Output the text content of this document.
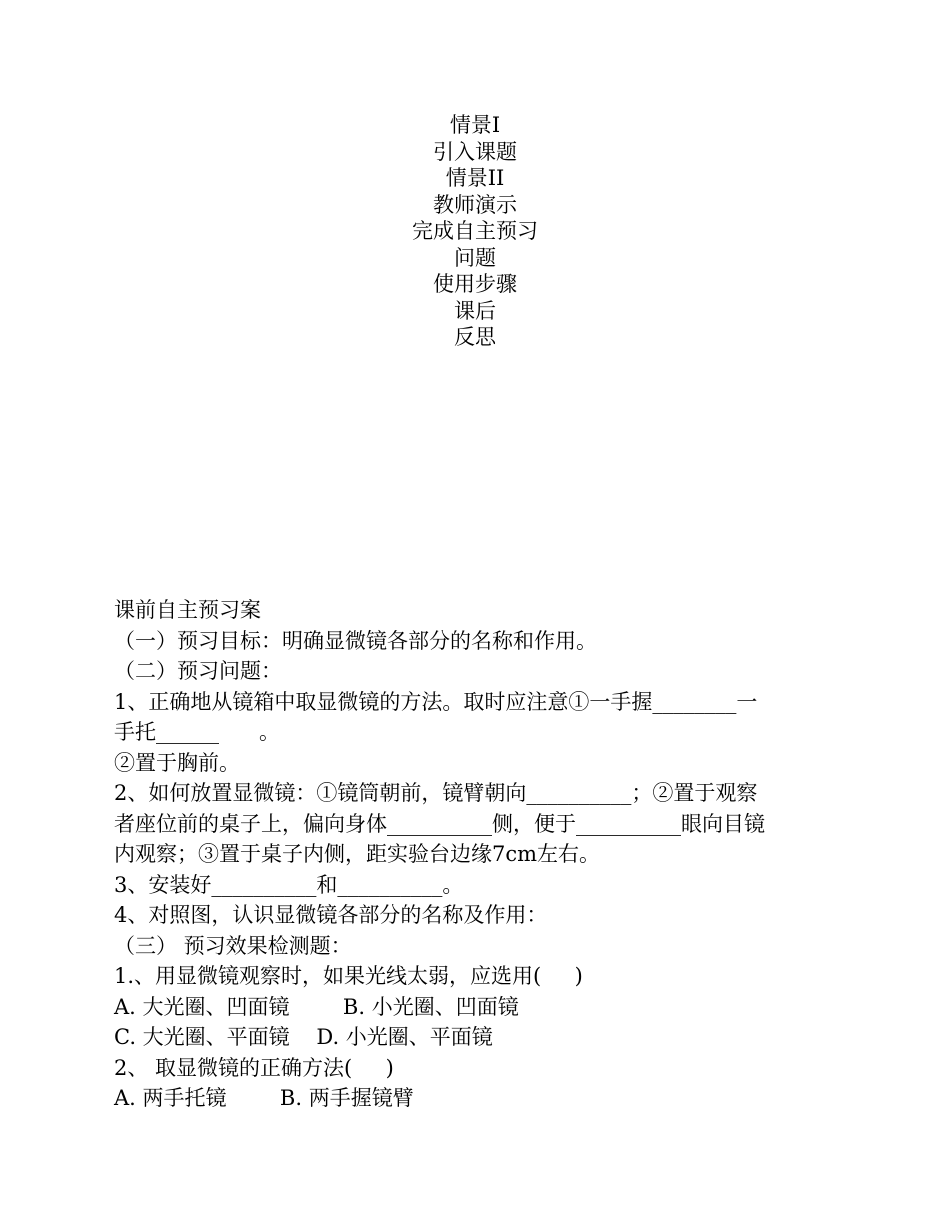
情景I
引入课题
情景II
教师演示
完成自主预习
问题
使用步骤
课后
反思
课前自主预习案
（一）预习目标：明确显微镜各部分的名称和作用。
（二）预习问题：
1、正确地从镜箱中取显微镜的方法。取时应注意①一手握________一
手托______      。
②置于胸前。
2、如何放置显微镜：①镜筒朝前，镜臂朝向__________；②置于观察
者座位前的桌子上，偏向身体__________侧，便于__________眼向目镜
内观察；③置于桌子内侧，距实验台边缘7cm左右。
3、安装好__________和__________。
4、对照图，认识显微镜各部分的名称及作用：
（三） 预习效果检测题：
1.、用显微镜观察时，如果光线太弱，应选用(     )
A. 大光圈、凹面镜        B. 小光圈、凹面镜
C. 大光圈、平面镜    D. 小光圈、平面镜
2、 取显微镜的正确方法(     )
A. 两手托镜        B. 两手握镜臂
